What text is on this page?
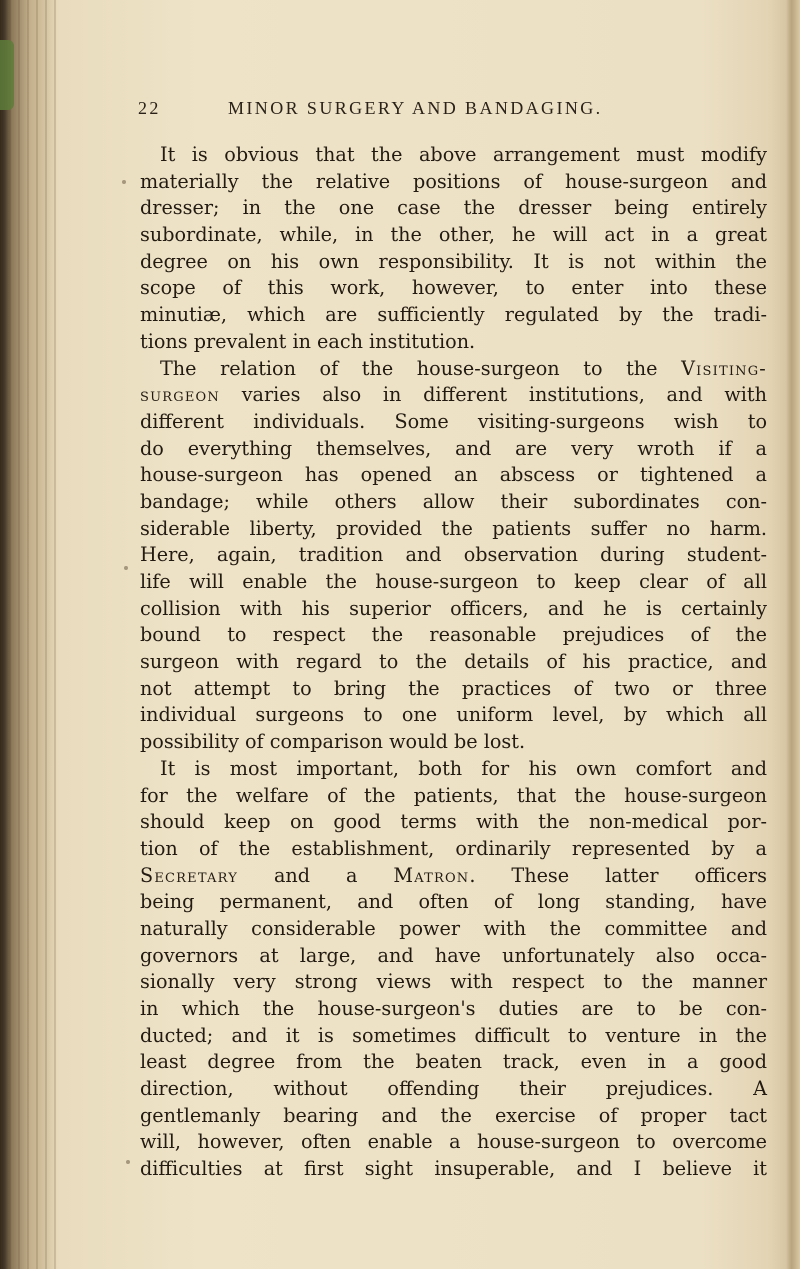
22	MINOR SURGERY AND BANDAGING.
It is obvious that the above arrangement must modify
materially the relative positions of house-surgeon and
dresser; in the one case the dresser being entirely
subordinate, while, in the other, he will act in a great
degree on his own responsibility. It is not within the
scope of this work, however, to enter into these
minutiæ, which are sufficiently regulated by the tradi-
tions prevalent in each institution.
The relation of the house-surgeon to the Visiting-
surgeon varies also in different institutions, and with
different individuals. Some visiting-surgeons wish to
do everything themselves, and are very wroth if a
house-surgeon has opened an abscess or tightened a
bandage; while others allow their subordinates con-
siderable liberty, provided the patients suffer no harm.
Here, again, tradition and observation during student-
life will enable the house-surgeon to keep clear of all
collision with his superior officers, and he is certainly
bound to respect the reasonable prejudices of the
surgeon with regard to the details of his practice, and
not attempt to bring the practices of two or three
individual surgeons to one uniform level, by which all
possibility of comparison would be lost.
It is most important, both for his own comfort and
for the welfare of the patients, that the house-surgeon
should keep on good terms with the non-medical por-
tion of the establishment, ordinarily represented by a
Secretary and a Matron. These latter officers
being permanent, and often of long standing, have
naturally considerable power with the committee and
governors at large, and have unfortunately also occa-
sionally very strong views with respect to the manner
in which the house-surgeon's duties are to be con-
ducted; and it is sometimes difficult to venture in the
least degree from the beaten track, even in a good
direction, without offending their prejudices. A
gentlemanly bearing and the exercise of proper tact
will, however, often enable a house-surgeon to overcome
difficulties at first sight insuperable, and I believe it
